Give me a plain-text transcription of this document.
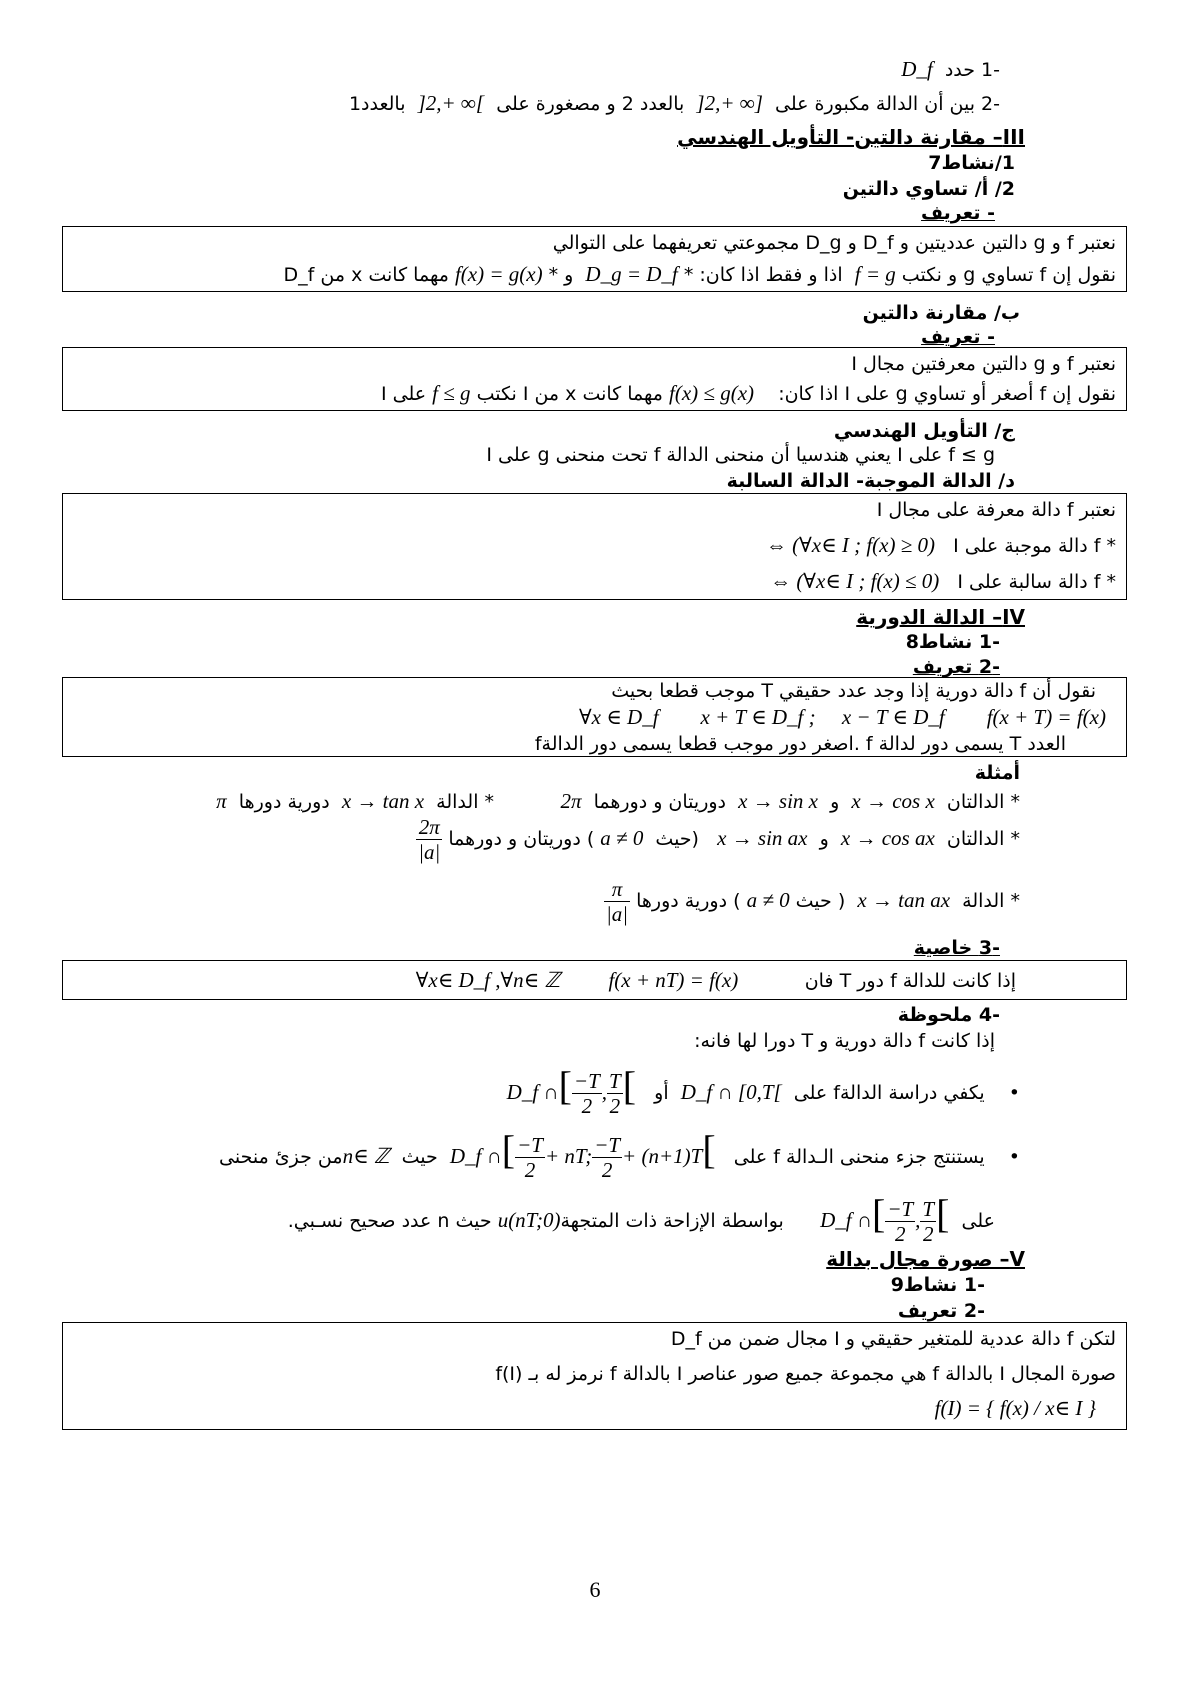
-1 حدد  D_f
-2 بين أن الدالة مكبورة على  ]2,+ ∞]  بالعدد 2 و مصغورة على  ]2,+ ∞[  بالعدد1
III– مقارنة دالتين- التأويل الهندسي
1/نشاط7
2/ أ/ تساوي دالتين
- تعريف
نعتبر f و g دالتين عدديتين و D_f و D_g مجموعتي تعريفهما على التوالي
نقول إن f تساوي g و نكتب f = g  اذا و فقط اذا كان: * D_g = D_f  و * f(x) = g(x) مهما كانت x من D_f
ب/ مقارنة دالتين
- تعريف
نعتبر f و g دالتين معرفتين مجال I
نقول إن f أصغر أو تساوي g على I اذا كان:    f(x) ≤ g(x) مهما كانت x من I نكتب f ≤ g على I
ج/ التأويل الهندسي
f ≤ g على I يعني هندسيا أن منحنى الدالة f تحت منحنى g على I
د/ الدالة الموجبة- الدالة السالبة
نعتبر f دالة معرفة على مجال I
* f دالة موجبة على I   ⇔ (∀x∈ I ; f(x) ≥ 0)
* f دالة سالبة على I   ⇔ (∀x∈ I ; f(x) ≤ 0)
IV– الدالة الدورية
-1 نشاط8
-2 تعريف
نقول أن f دالة دورية إذا وجد عدد حقيقي T موجب قطعا بحيث
∀x ∈ D_f        x + T ∈ D_f ;     x − T ∈ D_f        f(x + T) = f(x)
العدد T يسمى دور لدالة f .اصغر دور موجب قطعا يسمى دور الدالةf
أمثلة
* الدالتان  x → cos x  و  x → sin x  دوريتان و دورهما  2π           * الدالة  x → tan x  دورية دورها  π
* الدالتان  x → cos ax  و  x → sin ax   (حيث  a ≠ 0 ) دوريتان و دورهما
$\frac{2\pi}{|a|}$
* الدالة  x → tan ax  ( حيث a ≠ 0 ) دورية دورها
$\frac{\pi}{|a|}$
-3 خاصية
إذا كانت للدالة f دور T فان           f(x + nT) = f(x)        ∀x∈ D_f ,∀n∈ ℤ
-4 ملحوظة
إذا كانت f دالة دورية و T دورا لها فانه:
•    يكفي دراسة الدالةf على  D_f ∩ [0,T[  أو   D_f ∩[ $\frac{-T}{2}$ , $\frac{T}{2}$ [
•    يستنتج جزء منحنى الـدالة f على   D_f ∩[ $\frac{-T}{2}$ + nT; $\frac{-T}{2} + (n+1)T$[  حيث  n∈ ℤمن جزئ منحنى
على  D_f ∩[ $\frac{-T}{2}$ , $\frac{T}{2}$ [      بواسطة الإزاحة ذات المتجهةu(nT;0) حيث n عدد صحيح نسـبي.
V– صورة مجال بدالة
-1 نشاط9
-2 تعريف
لتكن f دالة عددية للمتغير حقيقي و I مجال ضمن من D_f
صورة المجال I بالدالة f هي مجموعة جميع صور عناصر I بالدالة f نرمز له بـ f(I)
f(I) = { f(x) / x∈ I }
6
